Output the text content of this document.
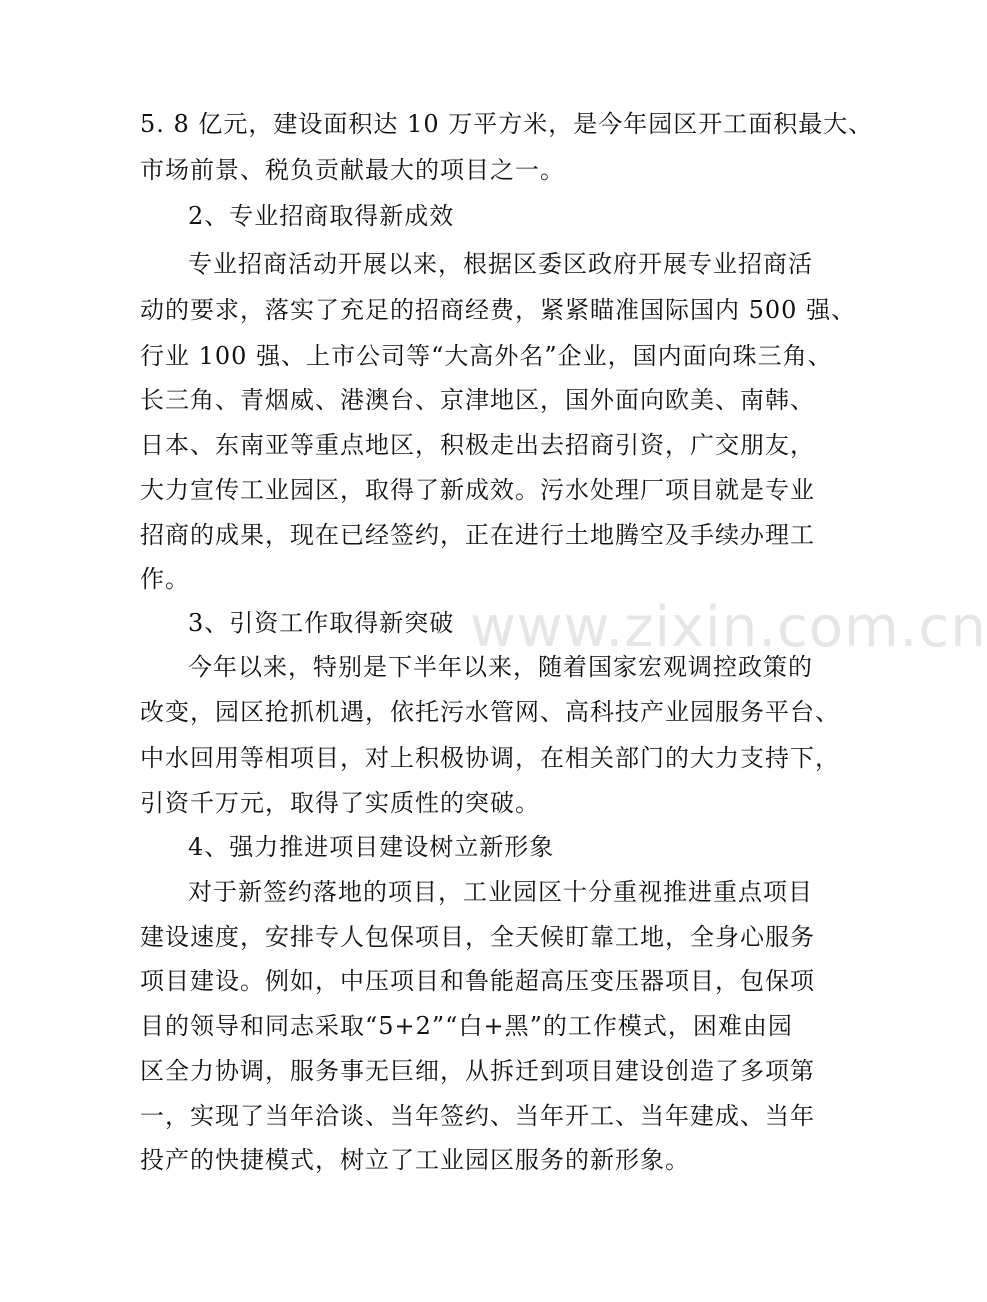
www.zixin.com.cn
5. 8 亿元，建设面积达 10 万平方米，是今年园区开工面积最大、
市场前景、税负贡献最大的项目之一。
2、专业招商取得新成效
专业招商活动开展以来，根据区委区政府开展专业招商活
动的要求，落实了充足的招商经费，紧紧瞄准国际国内 500 强、
行业 100 强、上市公司等“大高外名”企业，国内面向珠三角、
长三角、青烟威、港澳台、京津地区，国外面向欧美、南韩、
日本、东南亚等重点地区，积极走出去招商引资，广交朋友，
大力宣传工业园区，取得了新成效。污水处理厂项目就是专业
招商的成果，现在已经签约，正在进行土地腾空及手续办理工
作。
3、引资工作取得新突破
今年以来，特别是下半年以来，随着国家宏观调控政策的
改变，园区抢抓机遇，依托污水管网、高科技产业园服务平台、
中水回用等相项目，对上积极协调，在相关部门的大力支持下，
引资千万元，取得了实质性的突破。
4、强力推进项目建设树立新形象
对于新签约落地的项目，工业园区十分重视推进重点项目
建设速度，安排专人包保项目，全天候盯靠工地，全身心服务
项目建设。例如，中压项目和鲁能超高压变压器项目，包保项
目的领导和同志采取“5+2”“白+黑”的工作模式，困难由园
区全力协调，服务事无巨细，从拆迁到项目建设创造了多项第
一，实现了当年洽谈、当年签约、当年开工、当年建成、当年
投产的快捷模式，树立了工业园区服务的新形象。
